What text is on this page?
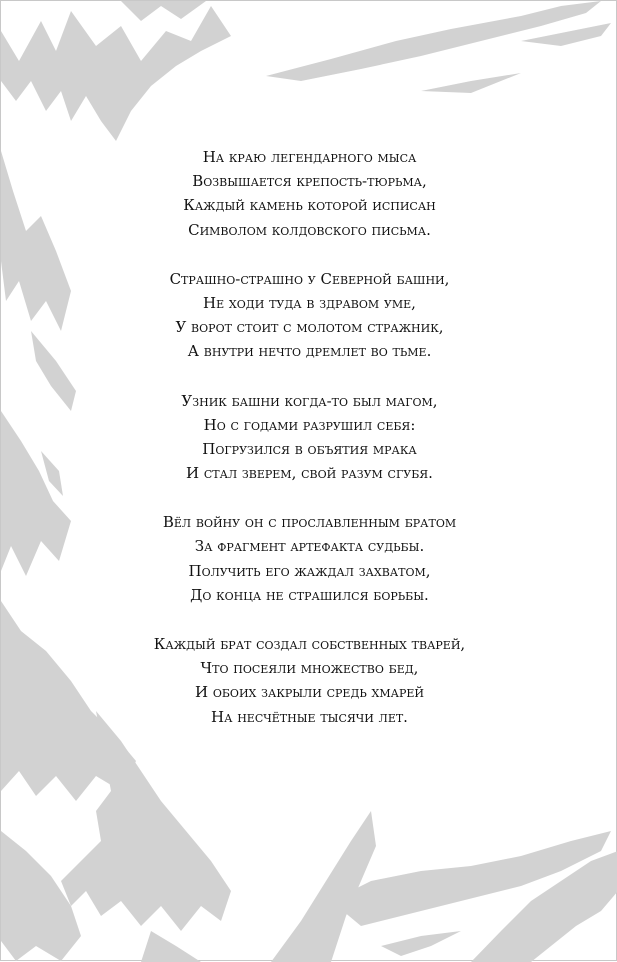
На краю легендарного мыса
Возвышается крепость-тюрьма,
Каждый камень которой исписан
Символом колдовского письма.
Страшно-страшно у Северной башни,
Не ходи туда в здравом уме,
У ворот стоит с молотом стражник,
А внутри нечто дремлет во тьме.
Узник башни когда-то был магом,
Но с годами разрушил себя:
Погрузился в объятия мрака
И стал зверем, свой разум сгубя.
Вёл войну он с прославленным братом
За фрагмент артефакта судьбы.
Получить его жаждал захватом,
До конца не страшился борьбы.
Каждый брат создал собственных тварей,
Что посеяли множество бед,
И обоих закрыли средь хмарей
На несчётные тысячи лет.
